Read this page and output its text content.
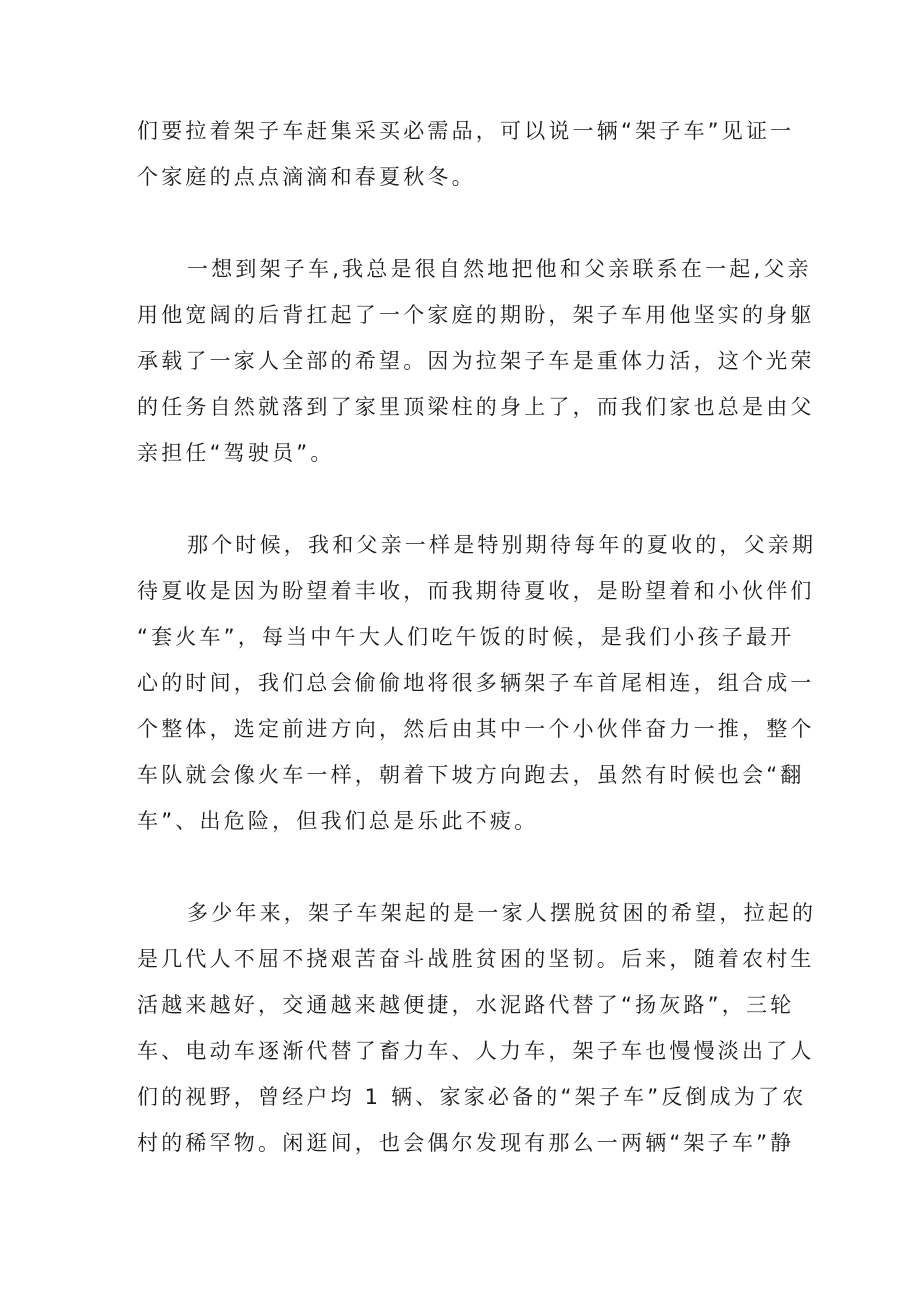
们要拉着架子车赶集采买必需品，可以说一辆“架子车”见证一
个家庭的点点滴滴和春夏秋冬。
一想到架子车,我总是很自然地把他和父亲联系在一起,父亲
用他宽阔的后背扛起了一个家庭的期盼，架子车用他坚实的身躯
承载了一家人全部的希望。因为拉架子车是重体力活，这个光荣
的任务自然就落到了家里顶梁柱的身上了，而我们家也总是由父
亲担任“驾驶员”。
那个时候，我和父亲一样是特别期待每年的夏收的，父亲期
待夏收是因为盼望着丰收，而我期待夏收，是盼望着和小伙伴们
“套火车”，每当中午大人们吃午饭的时候，是我们小孩子最开
心的时间，我们总会偷偷地将很多辆架子车首尾相连，组合成一
个整体，选定前进方向，然后由其中一个小伙伴奋力一推，整个
车队就会像火车一样，朝着下坡方向跑去，虽然有时候也会“翻
车”、出危险，但我们总是乐此不疲。
多少年来，架子车架起的是一家人摆脱贫困的希望，拉起的
是几代人不屈不挠艰苦奋斗战胜贫困的坚韧。后来，随着农村生
活越来越好，交通越来越便捷，水泥路代替了“扬灰路”，三轮
车、电动车逐渐代替了畜力车、人力车，架子车也慢慢淡出了人
们的视野，曾经户均 1 辆、家家必备的“架子车”反倒成为了农
村的稀罕物。闲逛间，也会偶尔发现有那么一两辆“架子车”静
